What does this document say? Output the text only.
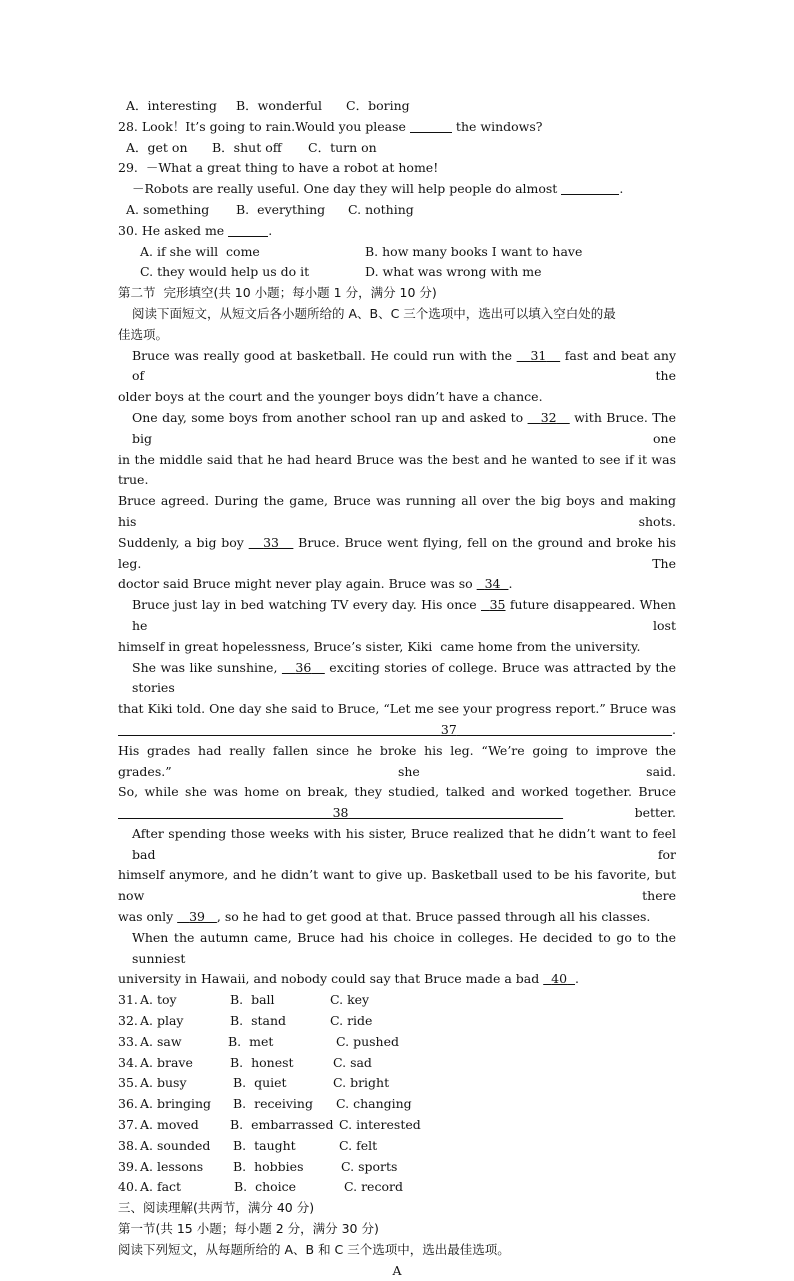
A．interesting	B．wonderful	C．boring
28. Look！It’s going to rain.Would you please	the windows?
A．get on	B．shut off	C．turn on
29.  －What a great thing to have a robot at home!
－Robots are really useful. One day they will help people do almost	.
A. something	B.  everything	C. nothing
30. He asked me	.
A. if she will  come	B. how many books I want to have
C. they would help us do it	D. what was wrong with me
第二节  完形填空(共 10 小题；每小题 1 分，满分 10 分)
阅读下面短文，从短文后各小题所给的 A、B、C 三个选项中，选出可以填入空白处的最
佳选项。
Bruce was really good at basketball. He could run with the 31 fast and beat any of the
older boys at the court and the younger boys didn’t have a chance.
One day, some boys from another school ran up and asked to 32 with Bruce. The big one
in the middle said that he had heard Bruce was the best and he wanted to see if it was true.
Bruce agreed. During the game, Bruce was running all over the big boys and making his shots.
Suddenly, a big boy 33 Bruce. Bruce went flying, fell on the ground and broke his leg. The
doctor said Bruce might never play again. Bruce was so 34 .
Bruce just lay in bed watching TV every day. His once 35 future disappeared. When he lost
himself in great hopelessness, Bruce’s sister, Kiki  came home from the university.
She was like sunshine, 36 exciting stories of college. Bruce was attracted by the stories
that Kiki told. One day she said to Bruce, “Let me see your progress report.” Bruce was    37	.
His grades had really fallen since he broke his leg. “We’re going to improve the grades.” she said.
So, while she was home on break, they studied, talked and worked together. Bruce    38	better.
After spending those weeks with his sister, Bruce realized that he didn’t want to feel bad for
himself anymore, and he didn’t want to give up. Basketball used to be his favorite, but now there
was only 39 , so he had to get good at that. Bruce passed through all his classes.
When the autumn came, Bruce had his choice in colleges. He decided to go to the sunniest
university in Hawaii, and nobody could say that Bruce made a bad 40 .
31. A. toy	B.  ball	C. key
32. A. play	B.  stand	C. ride
33. A. saw	B.  met	C. pushed
34. A. brave	B.  honest	C. sad
35. A. busy	B.  quiet	C. bright
36. A. bringing	B.  receiving	C. changing
37. A. moved	B.  embarrassed C. interested
38. A. sounded	B.  taught	C. felt
39. A. lessons	B.  hobbies	C. sports
40. A. fact	B.  choice	C. record
三、阅读理解(共两节，满分 40 分)
第一节(共 15 小题；每小题 2 分，满分 30 分)
阅读下列短文，从每题所给的 A、B 和 C 三个选项中，选出最佳选项。
A
